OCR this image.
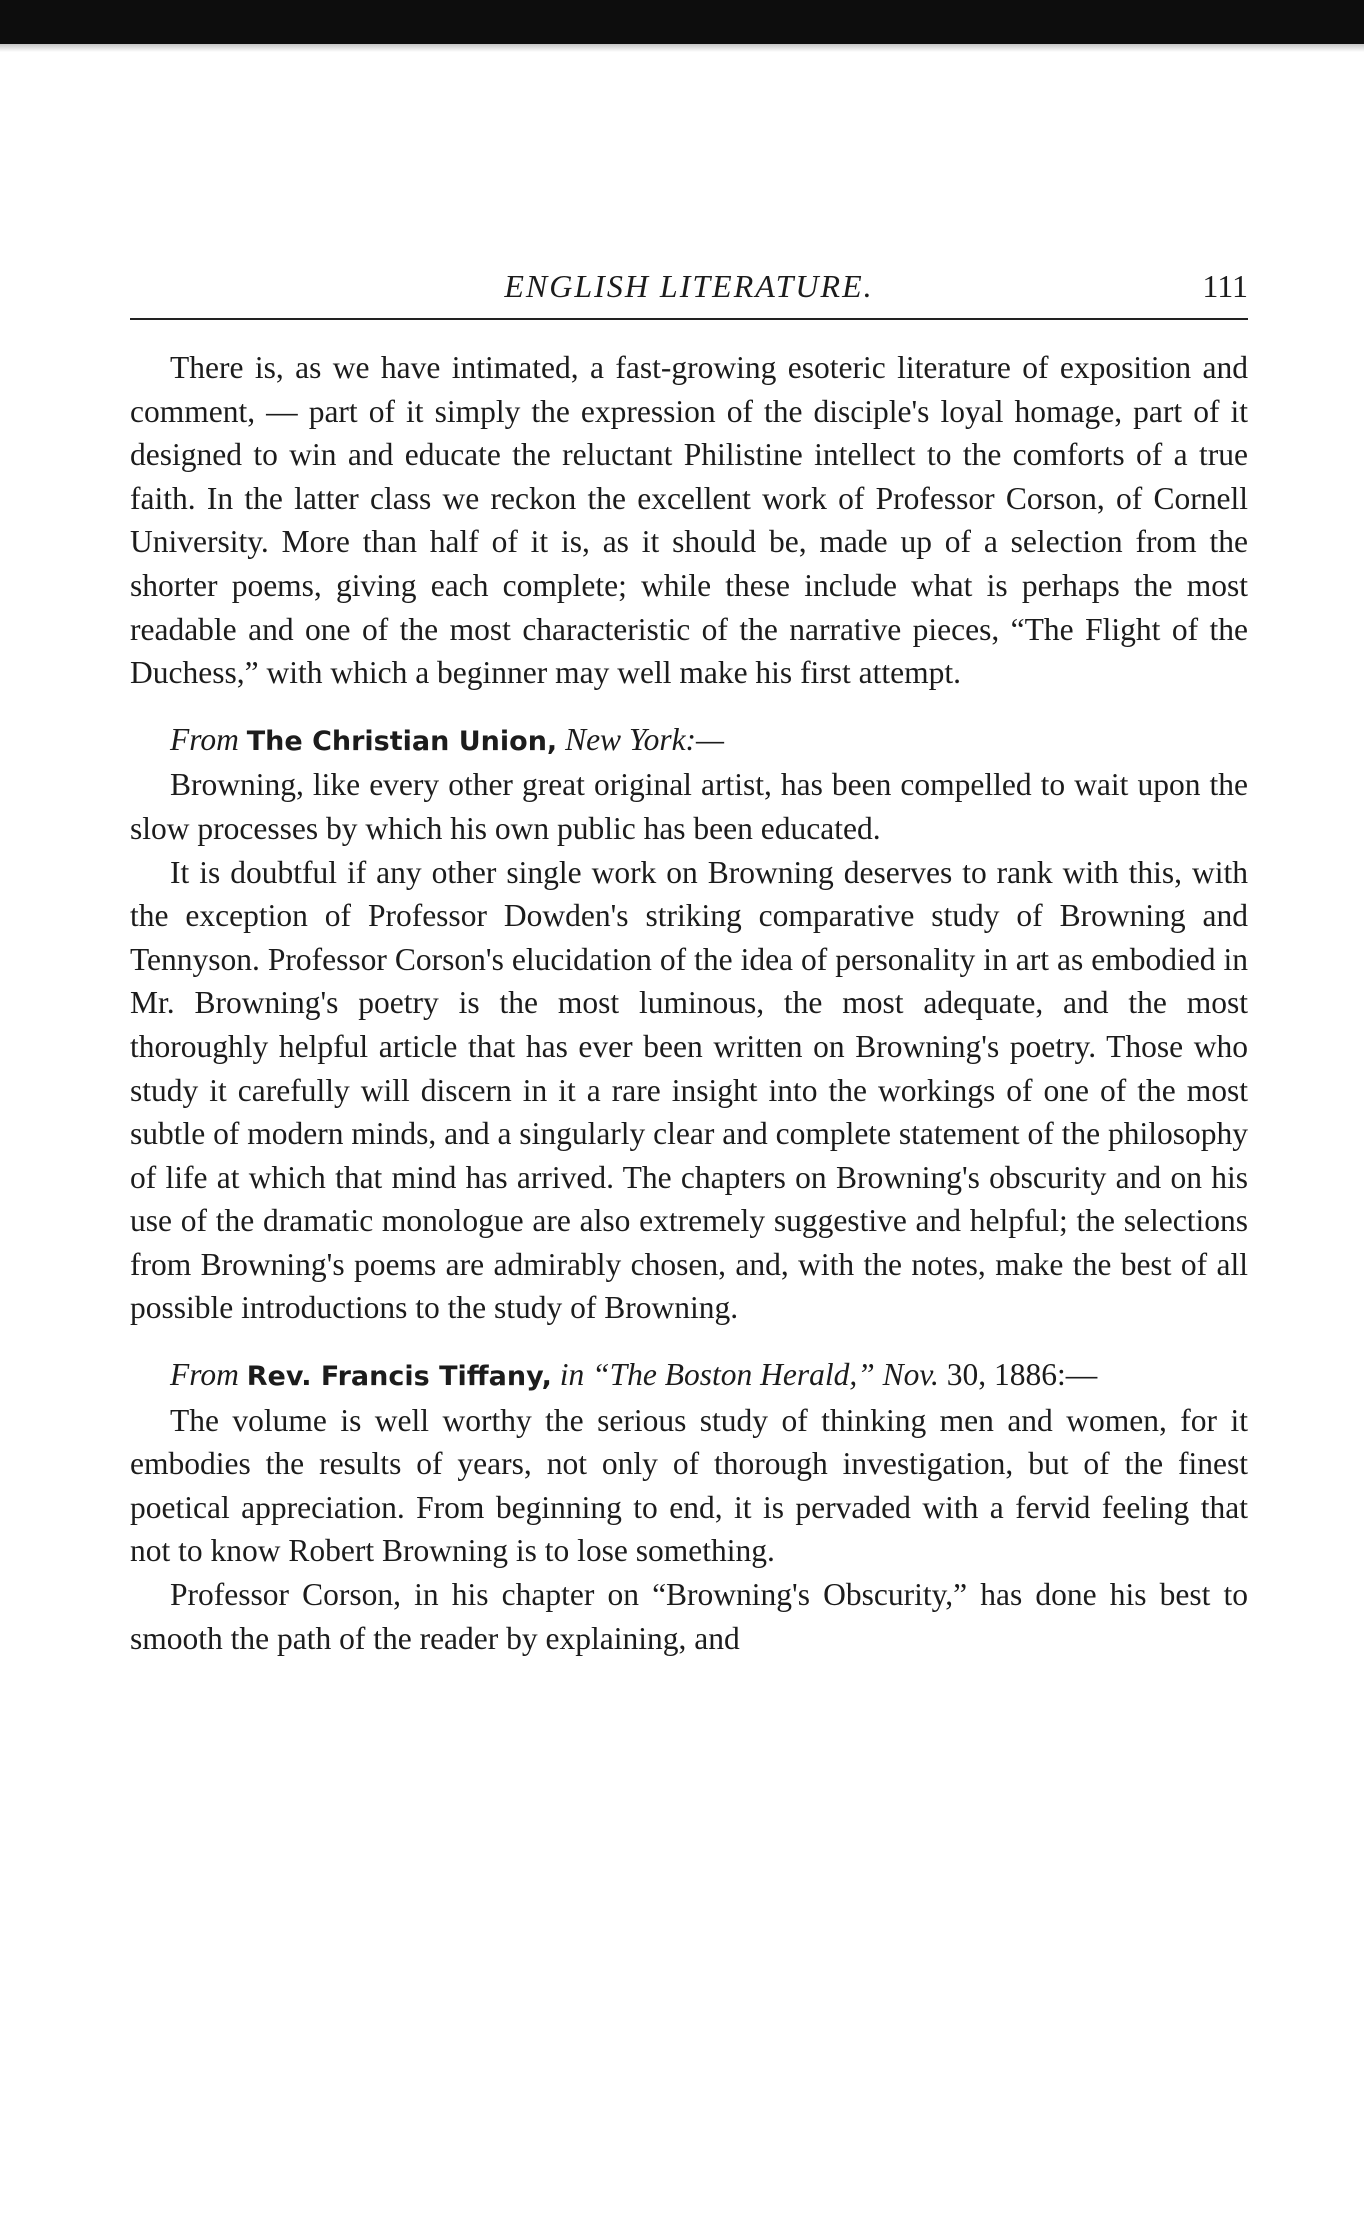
ENGLISH LITERATURE.	111

There is, as we have intimated, a fast-growing esoteric literature of exposition and comment, — part of it simply the expression of the disciple's loyal homage, part of it designed to win and educate the reluctant Philistine intellect to the comforts of a true faith. In the latter class we reckon the excellent work of Professor Corson, of Cornell University. More than half of it is, as it should be, made up of a selection from the shorter poems, giving each complete; while these include what is perhaps the most readable and one of the most characteristic of the narrative pieces, “The Flight of the Duchess,” with which a beginner may well make his first attempt.

From The Christian Union, New York:—

Browning, like every other great original artist, has been compelled to wait upon the slow processes by which his own public has been educated.

It is doubtful if any other single work on Browning deserves to rank with this, with the exception of Professor Dowden's striking comparative study of Browning and Tennyson. Professor Corson's elucidation of the idea of personality in art as embodied in Mr. Browning's poetry is the most luminous, the most adequate, and the most thoroughly helpful article that has ever been written on Browning's poetry. Those who study it carefully will discern in it a rare insight into the workings of one of the most subtle of modern minds, and a singularly clear and complete statement of the philosophy of life at which that mind has arrived. The chapters on Browning's obscurity and on his use of the dramatic monologue are also extremely suggestive and helpful; the selections from Browning's poems are admirably chosen, and, with the notes, make the best of all possible introductions to the study of Browning.

From Rev. Francis Tiffany, in “The Boston Herald,” Nov. 30, 1886:—

The volume is well worthy the serious study of thinking men and women, for it embodies the results of years, not only of thorough investigation, but of the finest poetical appreciation. From beginning to end, it is pervaded with a fervid feeling that not to know Robert Browning is to lose something.

Professor Corson, in his chapter on “Browning's Obscurity,” has done his best to smooth the path of the reader by explaining, and
